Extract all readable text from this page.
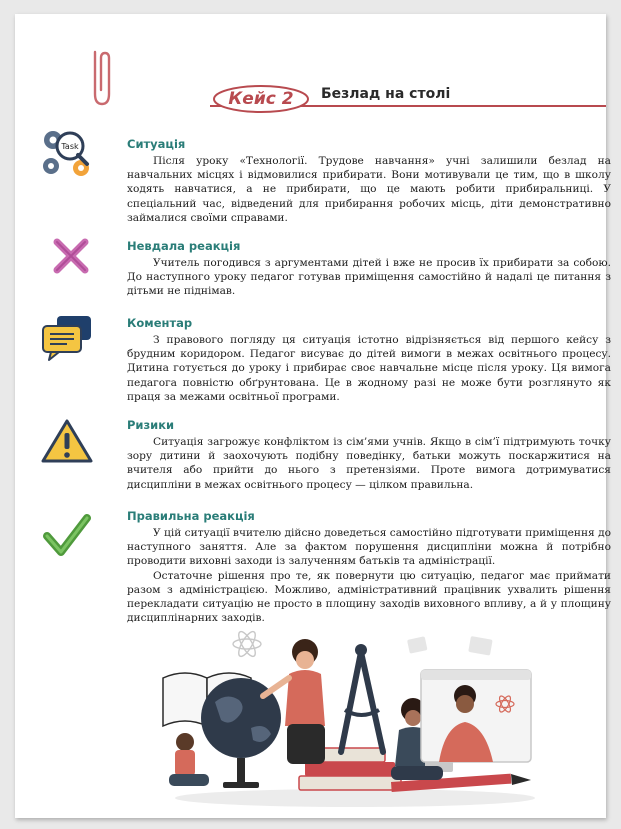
Кейс 2	Безлад на столі
Task	Ситуація

Після уроку «Технології. Трудове навчання» учні залишили безлад на навчальних місцях і відмовилися прибирати. Вони мотивували це тим, що в школу ходять навчатися, а не прибирати, що це мають робити прибиральниці. У спеціальний час, відведений для прибирання робочих місць, діти демонстративно займалися своїми справами.

Невдала реакція

Учитель погодився з аргументами дітей і вже не просив їх прибирати за собою. До наступного уроку педагог готував приміщення самостійно й надалі це питання з дітьми не піднімав.

Коментар

З правового погляду ця ситуація істотно відрізняється від першого кейсу з брудним коридором. Педагог висуває до дітей вимоги в межах освітнього процесу. Дитина готується до уроку і прибирає своє навчальне місце після уроку. Ця вимога педагога повністю обґрунтована. Це в жодному разі не може бути розглянуто як праця за межами освітньої програми.

Ризики

Ситуація загрожує конфліктом із сім’ями учнів. Якщо в сім’ї підтримують точку зору дитини й заохочують подібну поведінку, батьки можуть поскаржитися на вчителя або прийти до нього з претензіями. Проте вимога дотримуватися дисципліни в межах освітнього процесу — цілком правильна.

Правильна реакція

У цій ситуації вчителю дійсно доведеться самостійно підготувати приміщення до наступного заняття. Але за фактом порушення дисципліни можна й потрібно проводити виховні заходи із залученням батьків та адміністрації.

Остаточне рішення про те, як повернути цю ситуацію, педагог має приймати разом з адміністрацією. Можливо, адміністративний працівник ухвалить рішення перекладати ситуацію не просто в площину заходів виховного впливу, а й у площину дисциплінарних заходів.
